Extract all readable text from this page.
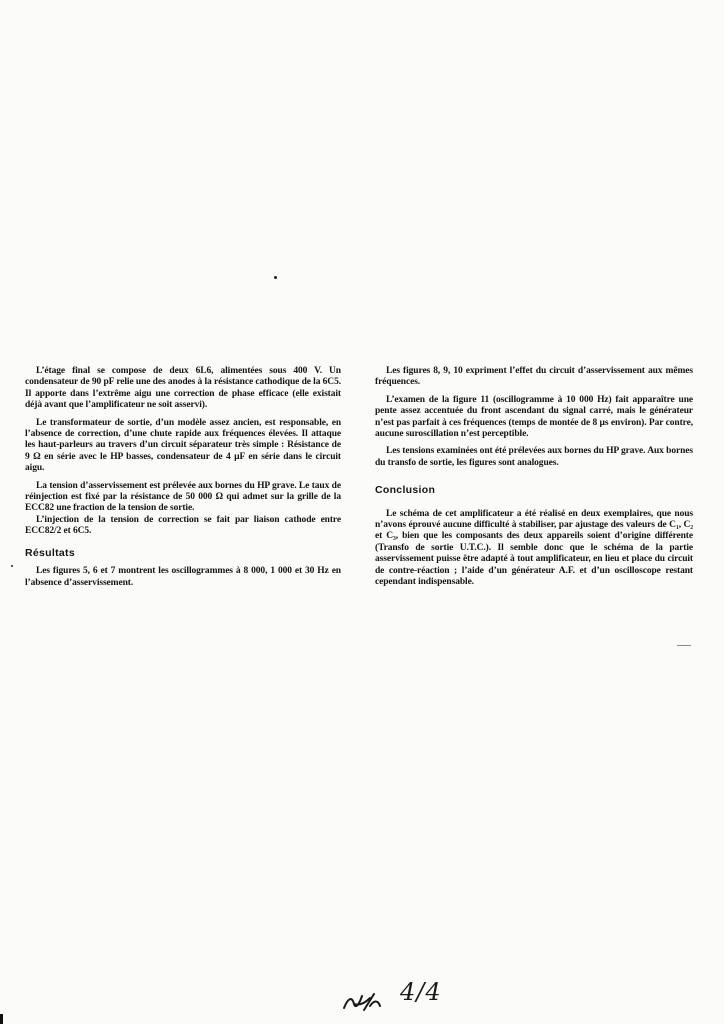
L’étage final se compose de deux 6L6, alimentées sous 400 V. Un condensateur de 90 pF relie une des anodes à la résistance cathodique de la 6C5. Il apporte dans l’extrême aigu une correction de phase efficace (elle existait déjà avant que l’amplificateur ne soit asservi).

Le transformateur de sortie, d’un modèle assez ancien, est responsable, en l’absence de correction, d’une chute rapide aux fréquences élevées. Il attaque les haut-parleurs au travers d’un circuit séparateur très simple : Résistance de 9 Ω en série avec le HP basses, condensateur de 4 µF en série dans le circuit aigu.

La tension d’asservissement est prélevée aux bornes du HP grave. Le taux de réinjection est fixé par la résistance de 50 000 Ω qui admet sur la grille de la ECC82 une fraction de la tension de sortie.

L’injection de la tension de correction se fait par liaison cathode entre ECC82/2 et 6C5.

Résultats

Les figures 5, 6 et 7 montrent les oscillogrammes à 8 000, 1 000 et 30 Hz en l’absence d’asservissement.

Les figures 8, 9, 10 expriment l’effet du circuit d’asservissement aux mêmes fréquences.

L’examen de la figure 11 (oscillogramme à 10 000 Hz) fait apparaître une pente assez accentuée du front ascendant du signal carré, mais le générateur n’est pas parfait à ces fréquences (temps de montée de 8 µs environ). Par contre, aucune suroscillation n’est perceptible.

Les tensions examinées ont été prélevées aux bornes du HP grave. Aux bornes du transfo de sortie, les figures sont analogues.

Conclusion

Le schéma de cet amplificateur a été réalisé en deux exemplaires, que nous n’avons éprouvé aucune difficulté à stabiliser, par ajustage des valeurs de C₁, C₂ et C₃, bien que les composants des deux appareils soient d’origine différente (Transfo de sortie U.T.C.). Il semble donc que le schéma de la partie asservissement puisse être adapté à tout amplificateur, en lieu et place du circuit de contre-réaction ; l’aide d’un générateur A.F. et d’un oscilloscope restant cependant indispensable.

4/4
